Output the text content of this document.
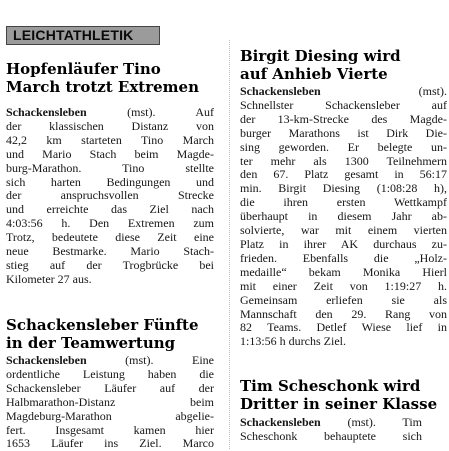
LEICHTATHLETIK
Hopfenläufer Tino
March trotzt Extremen
Schackensleben (mst). Auf
der klassischen Distanz von
42,2 km starteten Tino March
und Mario Stach beim Magde-
burg-Marathon. Tino stellte
sich harten Bedingungen und
der anspruchsvollen Strecke
und erreichte das Ziel nach
4:03:56 h. Den Extremen zum
Trotz, bedeutete diese Zeit eine
neue Bestmarke. Mario Stach-
stieg auf der Trogbrücke bei
Kilometer 27 aus.
Schackensleber Fünfte
in der Teamwertung
Schackensleben (mst). Eine
ordentliche Leistung haben die
Schackensleber Läufer auf der
Halbmarathon-Distanz beim
Magdeburg-Marathon abgelie-
fert. Insgesamt kamen hier
1653 Läufer ins Ziel. Marco
Birgit Diesing wird
auf Anhieb Vierte
Schackensleben (mst).
Schnellster Schackensleber auf
der 13-km-Strecke des Magde-
burger Marathons ist Dirk Die-
sing geworden. Er belegte un-
ter mehr als 1300 Teilnehmern
den 67. Platz gesamt in 56:17
min. Birgit Diesing (1:08:28 h),
die ihren ersten Wettkampf
überhaupt in diesem Jahr ab-
solvierte, war mit einem vierten
Platz in ihrer AK durchaus zu-
frieden. Ebenfalls die „Holz-
medaille“ bekam Monika Hierl
mit einer Zeit von 1:19:27 h.
Gemeinsam erliefen sie als
Mannschaft den 29. Rang von
82 Teams. Detlef Wiese lief in
1:13:56 h durchs Ziel.
Tim Scheschonk wird
Dritter in seiner Klasse
Schackensleben (mst). Tim
Scheschonk behauptete sich
